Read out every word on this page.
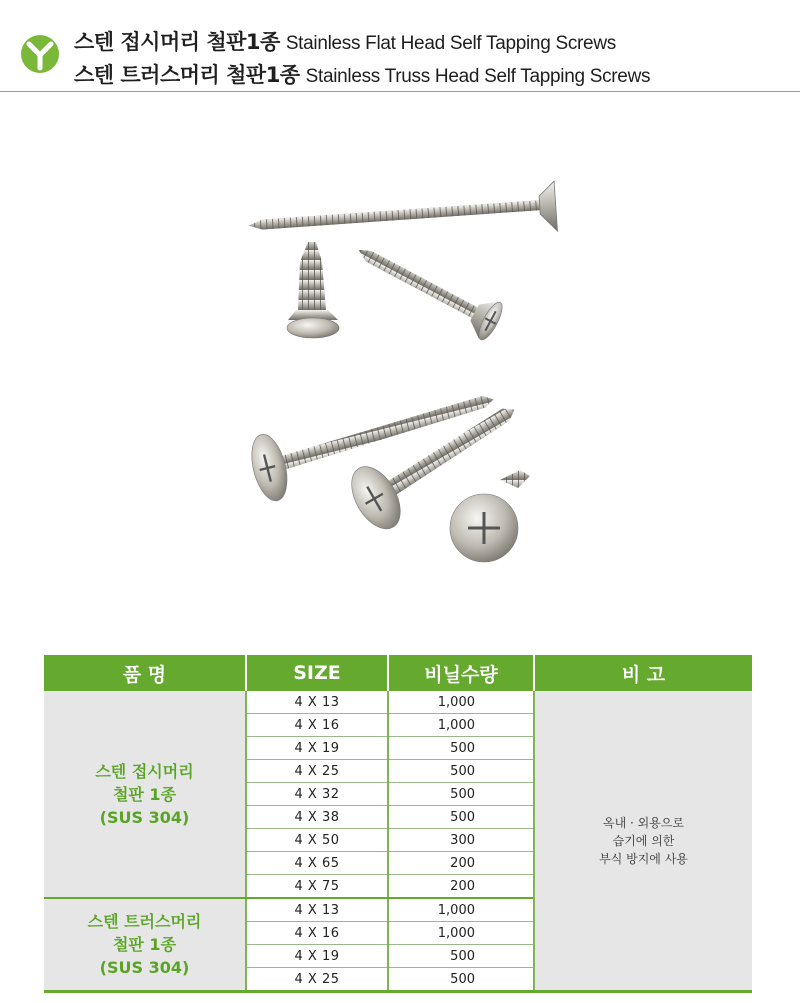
스텐 접시머리 철판1종 Stainless Flat Head Self Tapping Screws
스텐 트러스머리 철판1종 Stainless Truss Head Self Tapping Screws
품 명	SIZE	비닐수량	비 고

스텐 접시머리
철판 1종
(SUS 304)	4 X 13	1,000	옥내 · 외용으로
습기에 의한
부식 방지에 사용

	4 X 16	1,000	
	4 X 19	500	
	4 X 25	500	
	4 X 32	500	
	4 X 38	500	
	4 X 50	300	
	4 X 65	200	
	4 X 75	200	

스텐 트러스머리
철판 1종
(SUS 304)	4 X 13	1,000	
	4 X 16	1,000	
	4 X 19	500	
	4 X 25	500	
